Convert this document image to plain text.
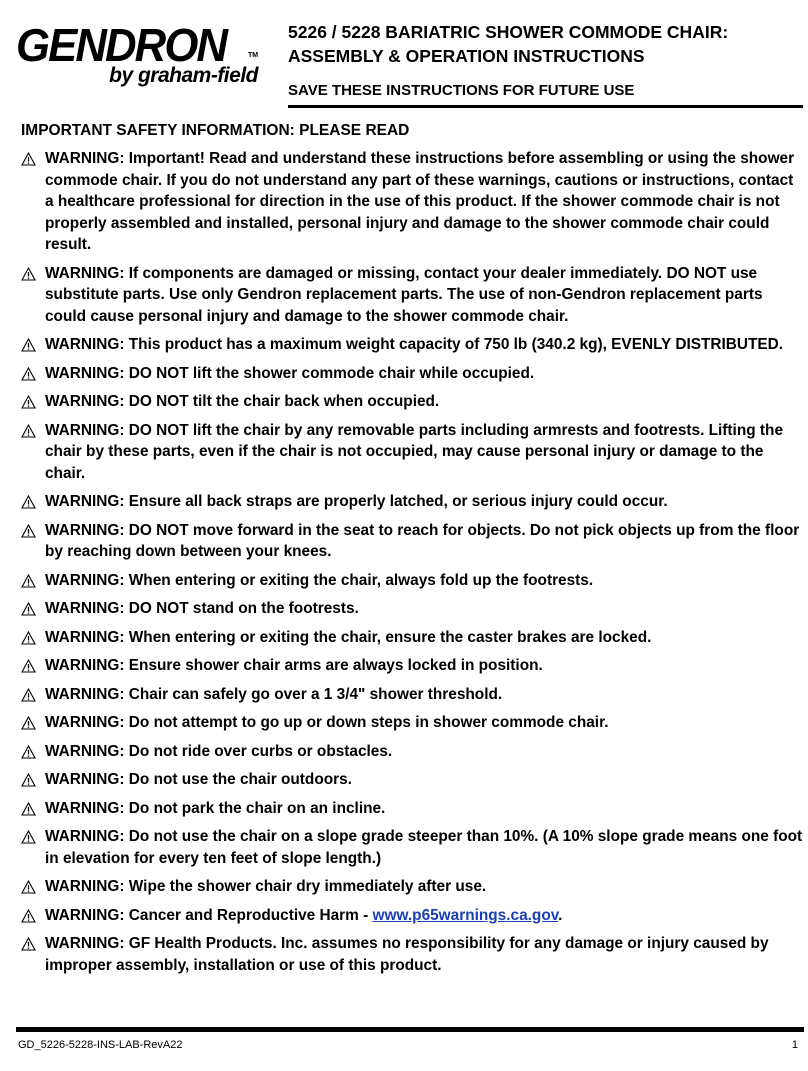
GENDRON	TM
by graham-field
5226 / 5228 BARIATRIC SHOWER COMMODE CHAIR: ASSEMBLY & OPERATION INSTRUCTIONS
SAVE THESE INSTRUCTIONS FOR FUTURE USE
IMPORTANT SAFETY INFORMATION: PLEASE READ
WARNING: Important! Read and understand these instructions before assembling or using the shower commode chair. If you do not understand any part of these warnings, cautions or instructions, contact a healthcare professional for direction in the use of this product. If the shower commode chair is not properly assembled and installed, personal injury and damage to the shower commode chair could result.
WARNING: If components are damaged or missing, contact your dealer immediately. DO NOT use substitute parts. Use only Gendron replacement parts. The use of non-Gendron replacement parts could cause personal injury and damage to the shower commode chair.
WARNING: This product has a maximum weight capacity of 750 lb (340.2 kg), EVENLY DISTRIBUTED.
WARNING: DO NOT lift the shower commode chair while occupied.
WARNING: DO NOT tilt the chair back when occupied.
WARNING: DO NOT lift the chair by any removable parts including armrests and footrests. Lifting the chair by these parts, even if the chair is not occupied, may cause personal injury or damage to the chair.
WARNING: Ensure all back straps are properly latched, or serious injury could occur.
WARNING: DO NOT move forward in the seat to reach for objects. Do not pick objects up from the floor by reaching down between your knees.
WARNING: When entering or exiting the chair, always fold up the footrests.
WARNING: DO NOT stand on the footrests.
WARNING: When entering or exiting the chair, ensure the caster brakes are locked.
WARNING: Ensure shower chair arms are always locked in position.
WARNING: Chair can safely go over a 1 3/4" shower threshold.
WARNING: Do not attempt to go up or down steps in shower commode chair.
WARNING: Do not ride over curbs or obstacles.
WARNING: Do not use the chair outdoors.
WARNING: Do not park the chair on an incline.
WARNING: Do not use the chair on a slope grade steeper than 10%. (A 10% slope grade means one foot in elevation for every ten feet of slope length.)
WARNING: Wipe the shower chair dry immediately after use.
WARNING: Cancer and Reproductive Harm - www.p65warnings.ca.gov.
WARNING: GF Health Products. Inc. assumes no responsibility for any damage or injury caused by improper assembly, installation or use of this product.
GD_5226-5228-INS-LAB-RevA22	1
